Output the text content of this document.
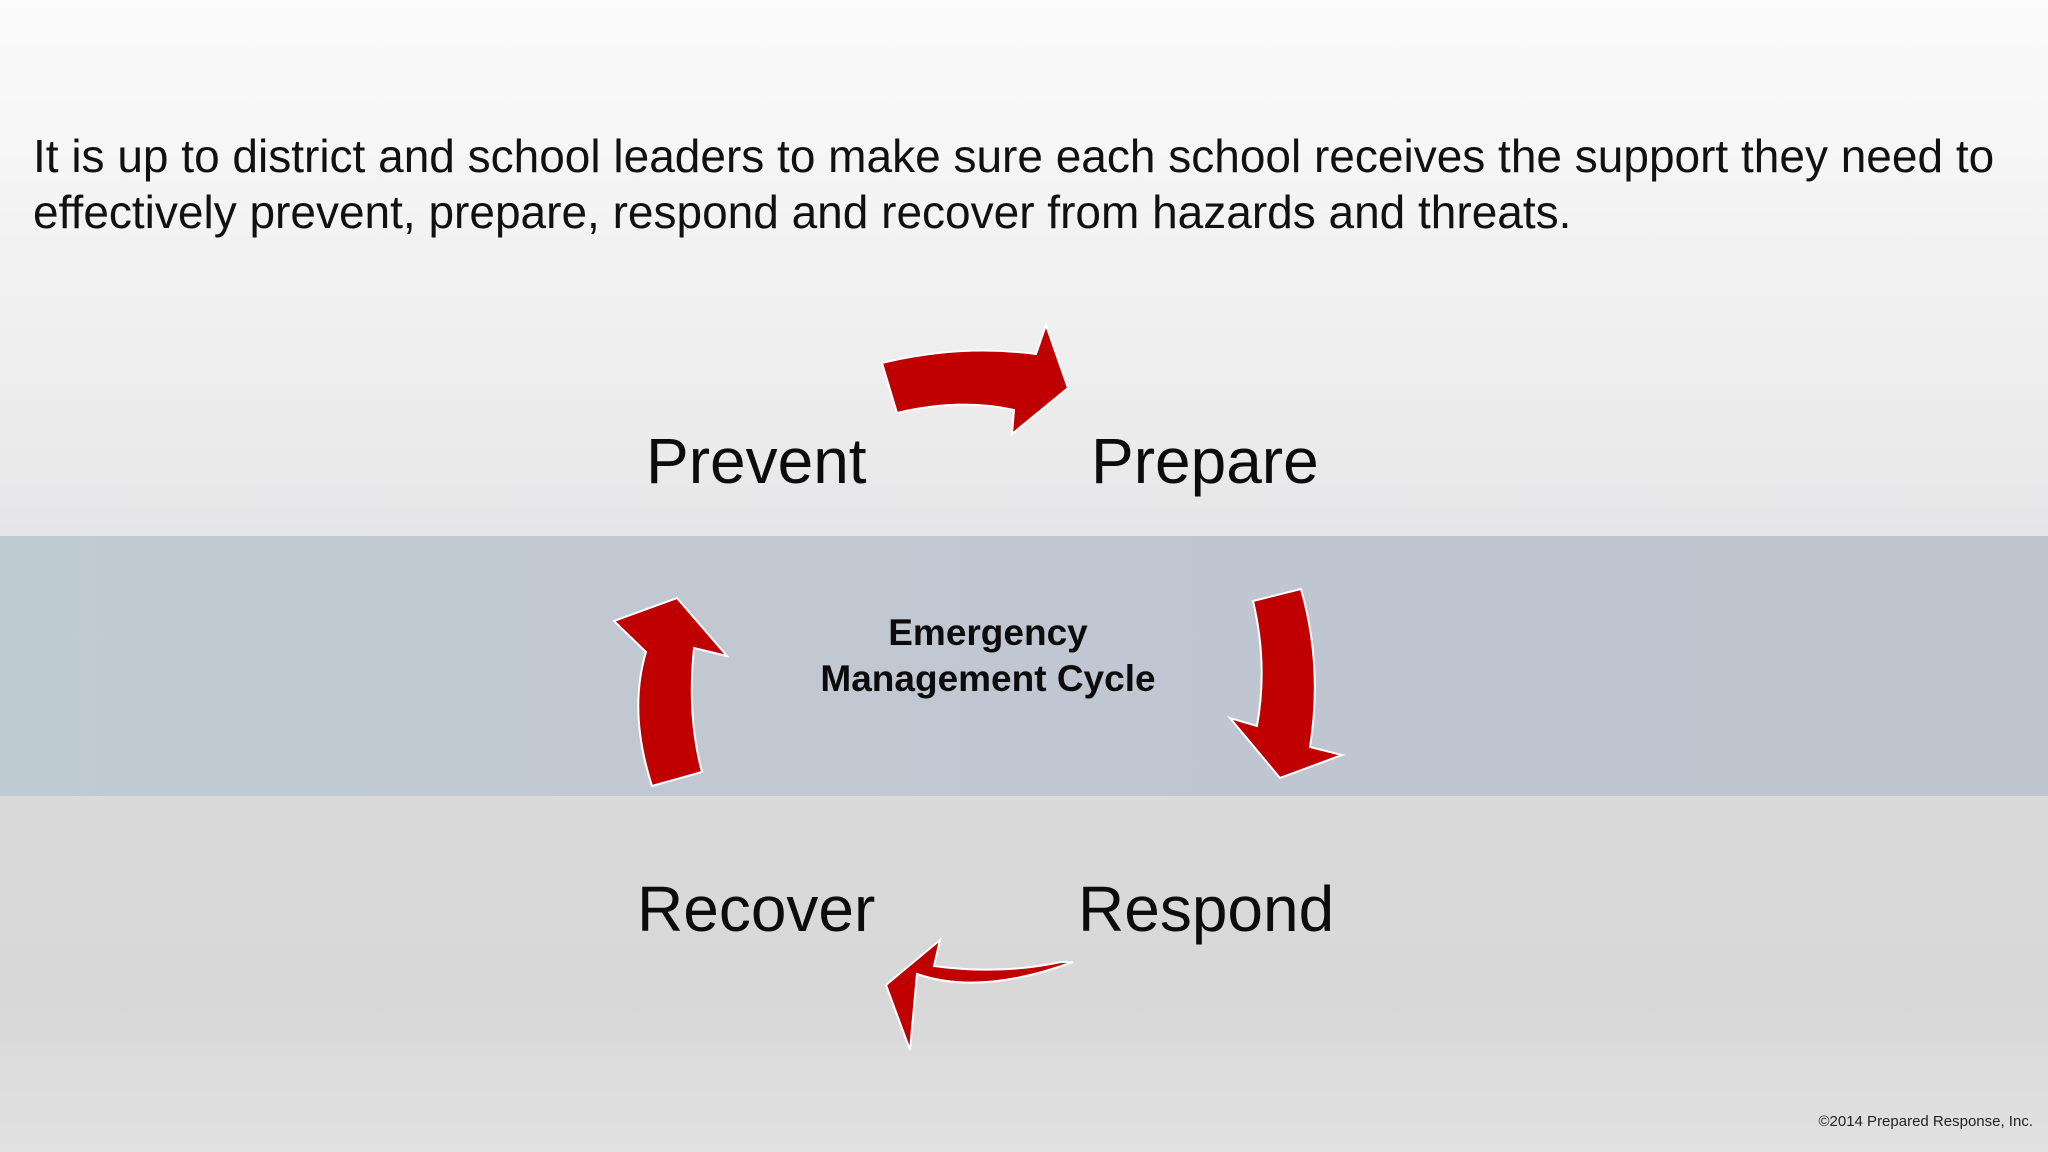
It is up to district and school leaders to make sure each school receives the support they need to effectively prevent, prepare, respond and recover from hazards and threats.
Prevent	Prepare
Recover	Respond
Emergency
Management Cycle
©2014 Prepared Response, Inc.
